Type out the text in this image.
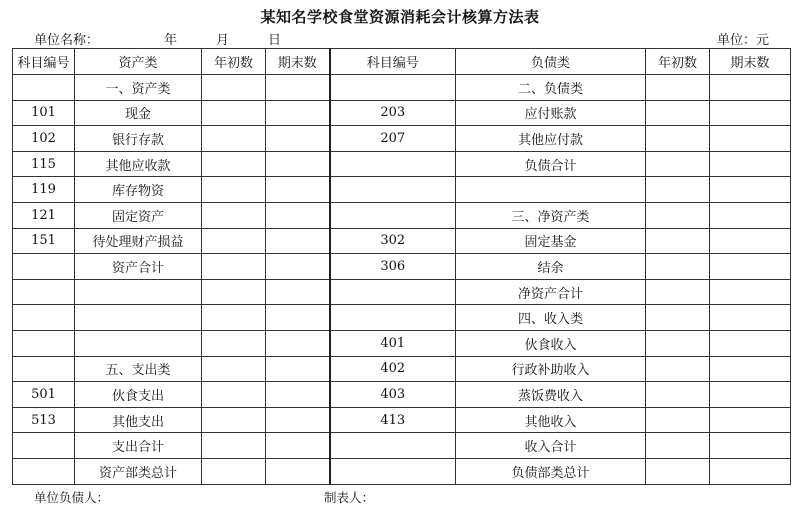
某知名学校食堂资源消耗会计核算方法表
单位名称：	年	月	日	单位：元
科目编号	资产类	年初数	期末数	科目编号	负债类	年初数	期末数
	一、资产类				二、负债类		
101	现金			203	应付账款		
102	银行存款			207	其他应付款		
115	其他应收款				负债合计		
119	库存物资						
121	固定资产				三、净资产类		
151	待处理财产损益			302	固定基金		
	资产合计			306	结余		
					净资产合计		
					四、收入类		
				401	伙食收入		
	五、支出类			402	行政补助收入		
501	伙食支出			403	蒸饭费收入		
513	其他支出			413	其他收入		
	支出合计				收入合计		
	资产部类总计				负债部类总计		
单位负债人：	制表人：
